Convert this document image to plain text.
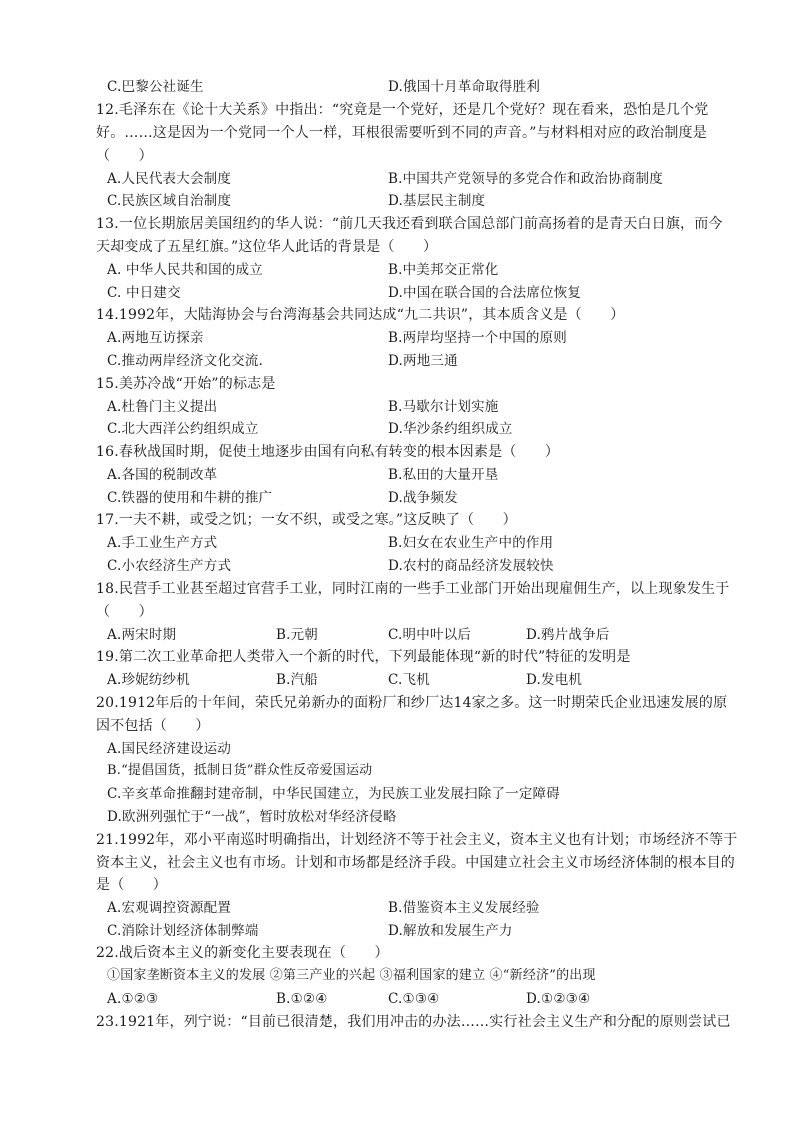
C.巴黎公社诞生	D.俄国十月革命取得胜利
12.毛泽东在《论十大关系》中指出：“究竟是一个党好，还是几个党好？现在看来，恐怕是几个党
好。……这是因为一个党同一个人一样，耳根很需要听到不同的声音。”与材料相对应的政治制度是
（　　）
A.人民代表大会制度	B.中国共产党领导的多党合作和政治协商制度
C.民族区域自治制度	D.基层民主制度
13.一位长期旅居美国纽约的华人说：“前几天我还看到联合国总部门前高扬着的是青天白日旗，而今
天却变成了五星红旗。”这位华人此话的背景是（　　）
A. 中华人民共和国的成立	B.中美邦交正常化
C. 中日建交	D.中国在联合国的合法席位恢复
14.1992年，大陆海协会与台湾海基会共同达成“九二共识”，其本质含义是（　　）
A.两地互访探亲	B.两岸均坚持一个中国的原则
C.推动两岸经济文化交流.	D.两地三通
15.美苏冷战“开始”的标志是
A.杜鲁门主义提出	B.马歇尔计划实施
C.北大西洋公约组织成立	D.华沙条约组织成立
16.春秋战国时期，促使土地逐步由国有向私有转变的根本因素是（　　）
A.各国的税制改革	B.私田的大量开垦
C.铁器的使用和牛耕的推广	D.战争频发
17.一夫不耕，或受之饥；一女不织，或受之寒。”这反映了（　　）
A.手工业生产方式	B.妇女在农业生产中的作用
C.小农经济生产方式	D.农村的商品经济发展较快
18.民营手工业甚至超过官营手工业，同时江南的一些手工业部门开始出现雇佣生产，以上现象发生于
（　　）
A.两宋时期	B.元朝	C.明中叶以后	D.鸦片战争后
19.第二次工业革命把人类带入一个新的时代，下列最能体现“新的时代”特征的发明是
A.珍妮纺纱机	B.汽船	C.飞机	D.发电机
20.1912年后的十年间，荣氏兄弟新办的面粉厂和纱厂达14家之多。这一时期荣氏企业迅速发展的原
因不包括（　　）
A.国民经济建设运动
B.“提倡国货，抵制日货”群众性反帝爱国运动
C.辛亥革命推翻封建帝制，中华民国建立，为民族工业发展扫除了一定障碍
D.欧洲列强忙于“一战”，暂时放松对华经济侵略
21.1992年，邓小平南巡时明确指出，计划经济不等于社会主义，资本主义也有计划；市场经济不等于
资本主义，社会主义也有市场。计划和市场都是经济手段。中国建立社会主义市场经济体制的根本目的
是（　　）
A.宏观调控资源配置	B.借鉴资本主义发展经验
C.消除计划经济体制弊端	D.解放和发展生产力
22.战后资本主义的新变化主要表现在（　　）
①国家垄断资本主义的发展 ②第三产业的兴起 ③福利国家的建立 ④“新经济”的出现
A.①②③	B.①②④	C.①③④	D.①②③④
23.1921年，列宁说：“目前已很清楚，我们用冲击的办法……实行社会主义生产和分配的原则尝试已
